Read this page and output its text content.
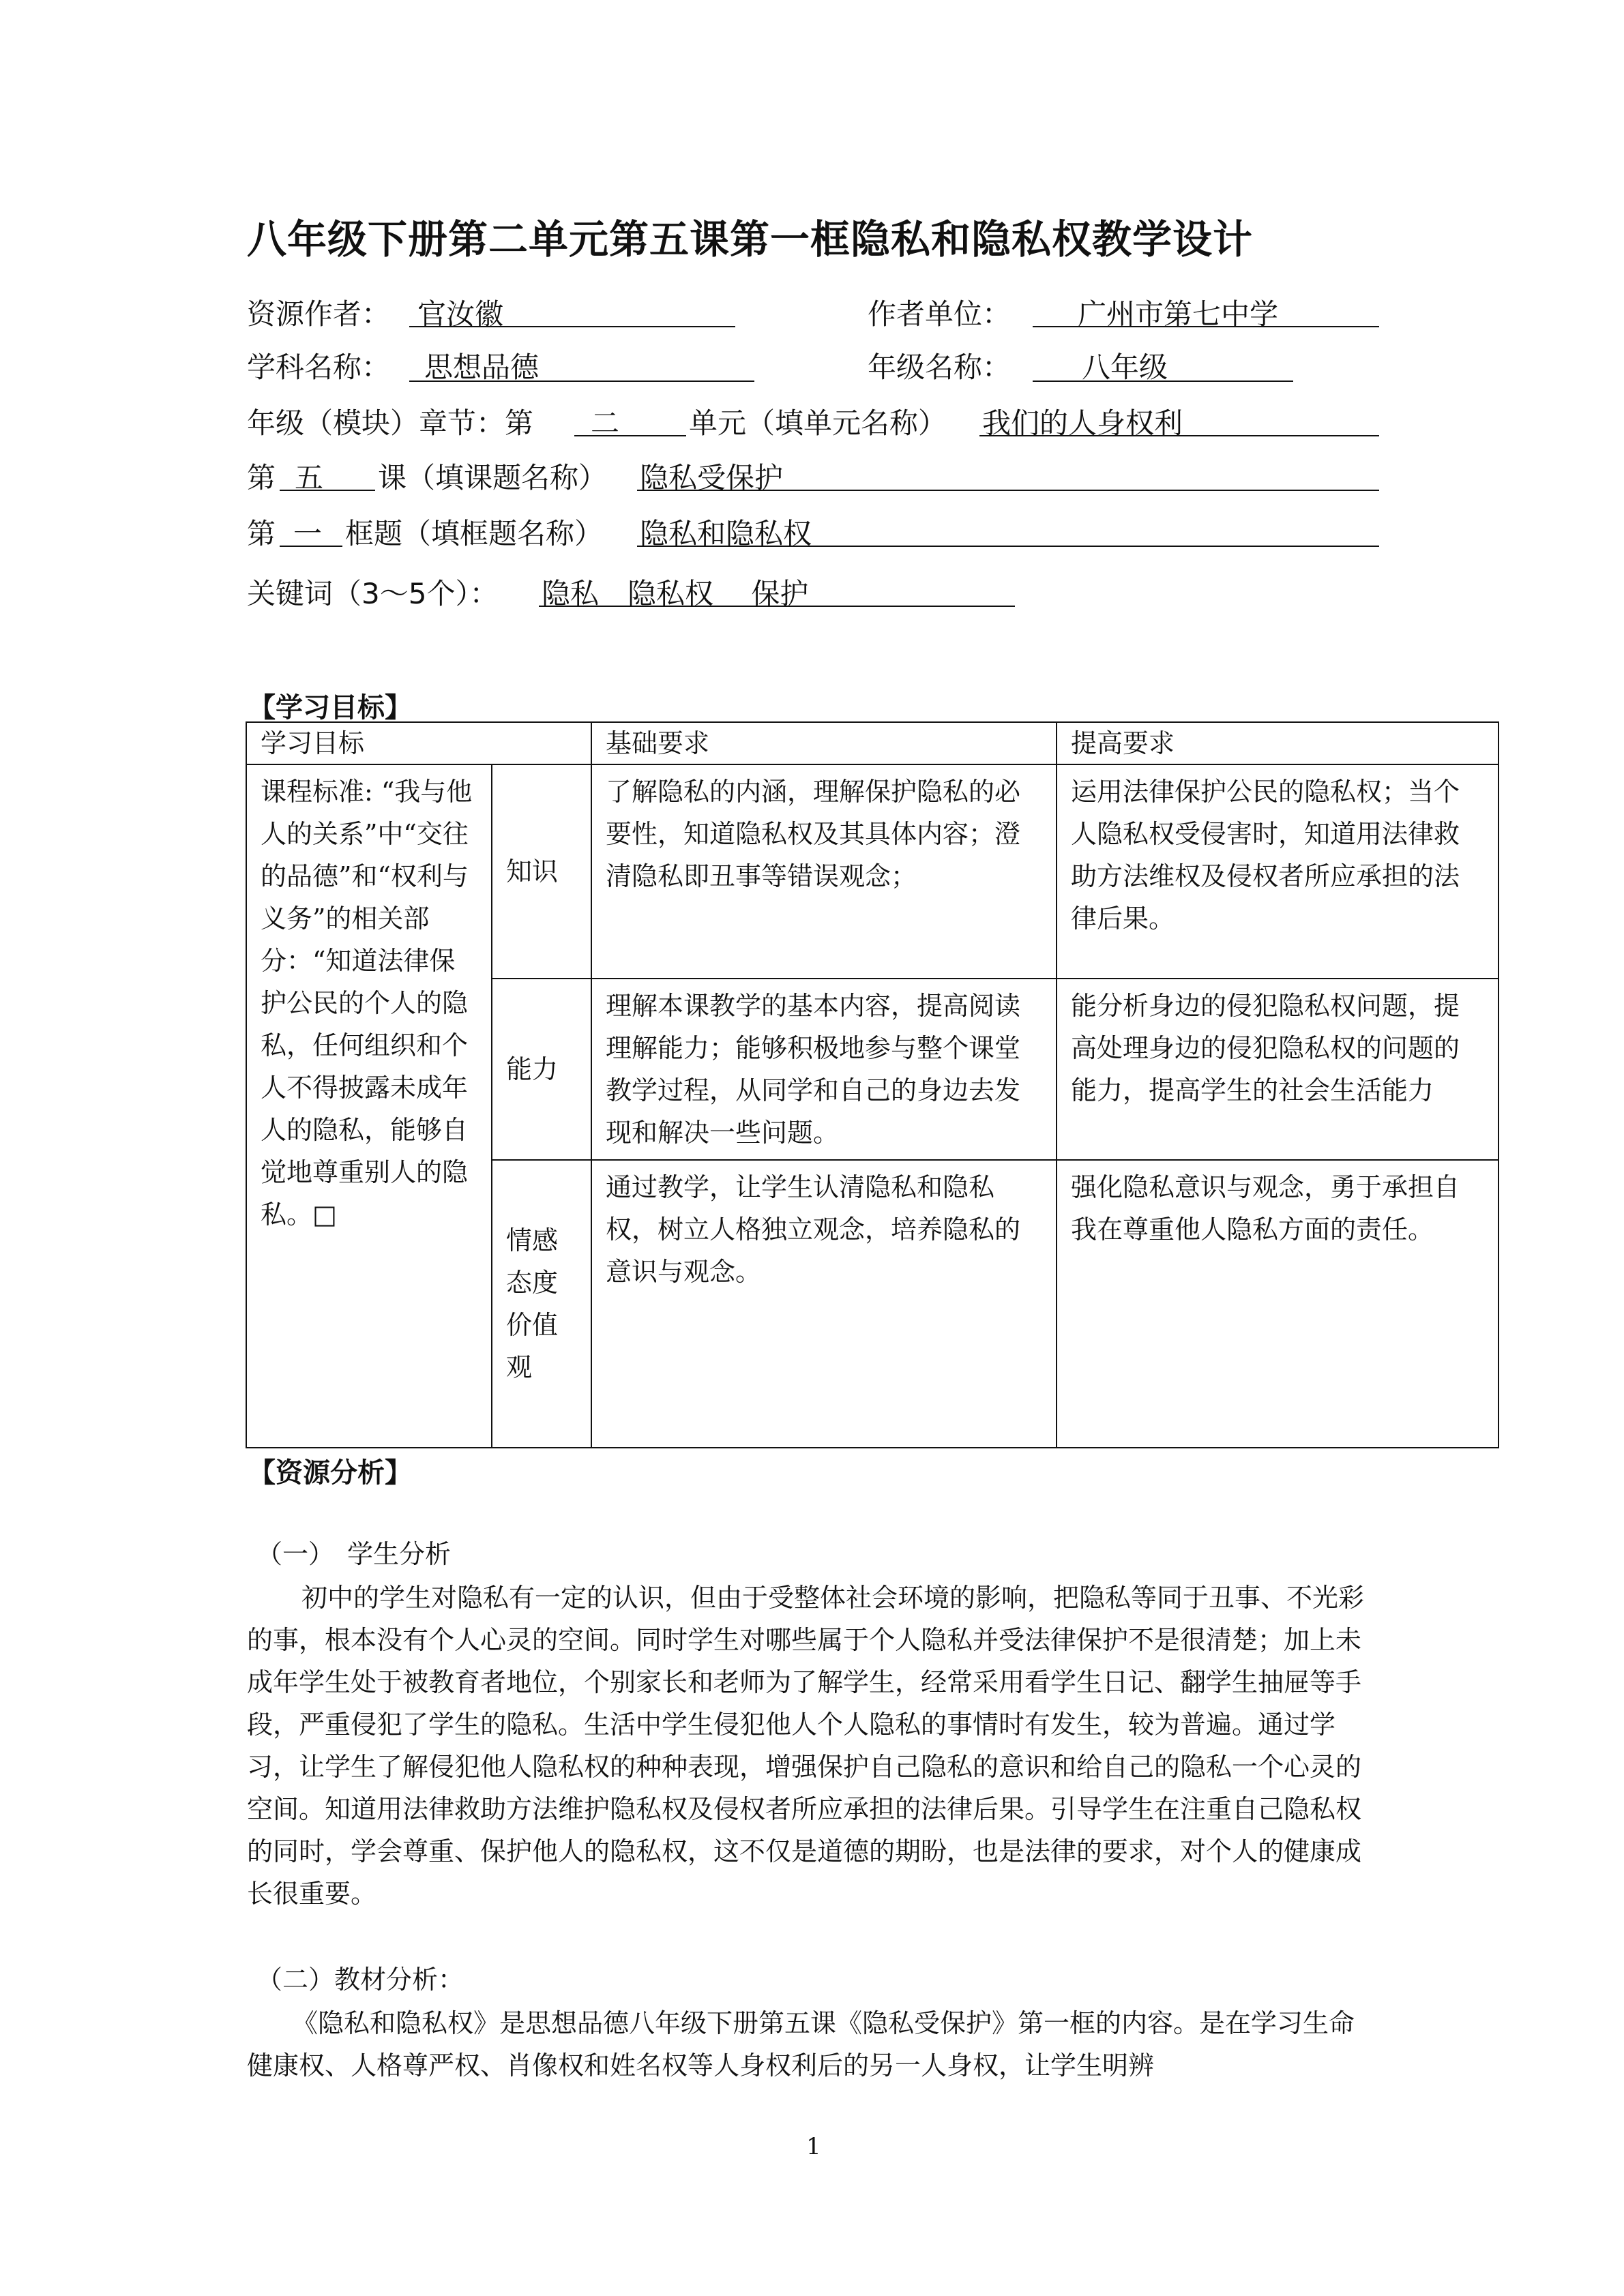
八年级下册第二单元第五课第一框隐私和隐私权教学设计
资源作者： 官汝徽	作者单位： 广州市第七中学
学科名称： 思想品德	年级名称： 八年级
年级（模块）章节：第 二 单元（填单元名称） 我们的人身权利
第 五 课（填课题名称） 隐私受保护
第 一 框题（填框题名称） 隐私和隐私权
关键词（3～5个）： 隐私　隐私权　 保护
【学习目标】
学习目标		基础要求	提高要求
课程标准: “我与他人的关系”中“交往的品德”和“权利与义务”的相关部分：“知道法律保护公民的个人的隐私，任何组织和个人不得披露未成年人的隐私，能够自觉地尊重别人的隐私。□	知识	了解隐私的内涵，理解保护隐私的必要性，知道隐私权及其具体内容；澄清隐私即丑事等错误观念；	运用法律保护公民的隐私权；当个人隐私权受侵害时，知道用法律救助方法维权及侵权者所应承担的法律后果。
	能力	理解本课教学的基本内容，提高阅读理解能力；能够积极地参与整个课堂教学过程，从同学和自己的身边去发现和解决一些问题。	能分析身边的侵犯隐私权问题，提高处理身边的侵犯隐私权的问题的能力，提高学生的社会生活能力
	情感态度价值观	通过教学，让学生认清隐私和隐私权，树立人格独立观念，培养隐私的意识与观念。	强化隐私意识与观念，勇于承担自我在尊重他人隐私方面的责任。
【资源分析】
（一）　学生分析
初中的学生对隐私有一定的认识，但由于受整体社会环境的影响，把隐私等同于丑事、不光彩的事，根本没有个人心灵的空间。同时学生对哪些属于个人隐私并受法律保护不是很清楚；加上未成年学生处于被教育者地位，个别家长和老师为了解学生，经常采用看学生日记、翻学生抽屉等手段，严重侵犯了学生的隐私。生活中学生侵犯他人个人隐私的事情时有发生，较为普遍。通过学习，让学生了解侵犯他人隐私权的种种表现，增强保护自己隐私的意识和给自己的隐私一个心灵的空间。知道用法律救助方法维护隐私权及侵权者所应承担的法律后果。引导学生在注重自己隐私权的同时，学会尊重、保护他人的隐私权，这不仅是道德的期盼，也是法律的要求，对个人的健康成长很重要。
（二）教材分析：
《隐私和隐私权》是思想品德八年级下册第五课《隐私受保护》第一框的内容。是在学习生命健康权、人格尊严权、肖像权和姓名权等人身权利后的另一人身权，让学生明辨
1
